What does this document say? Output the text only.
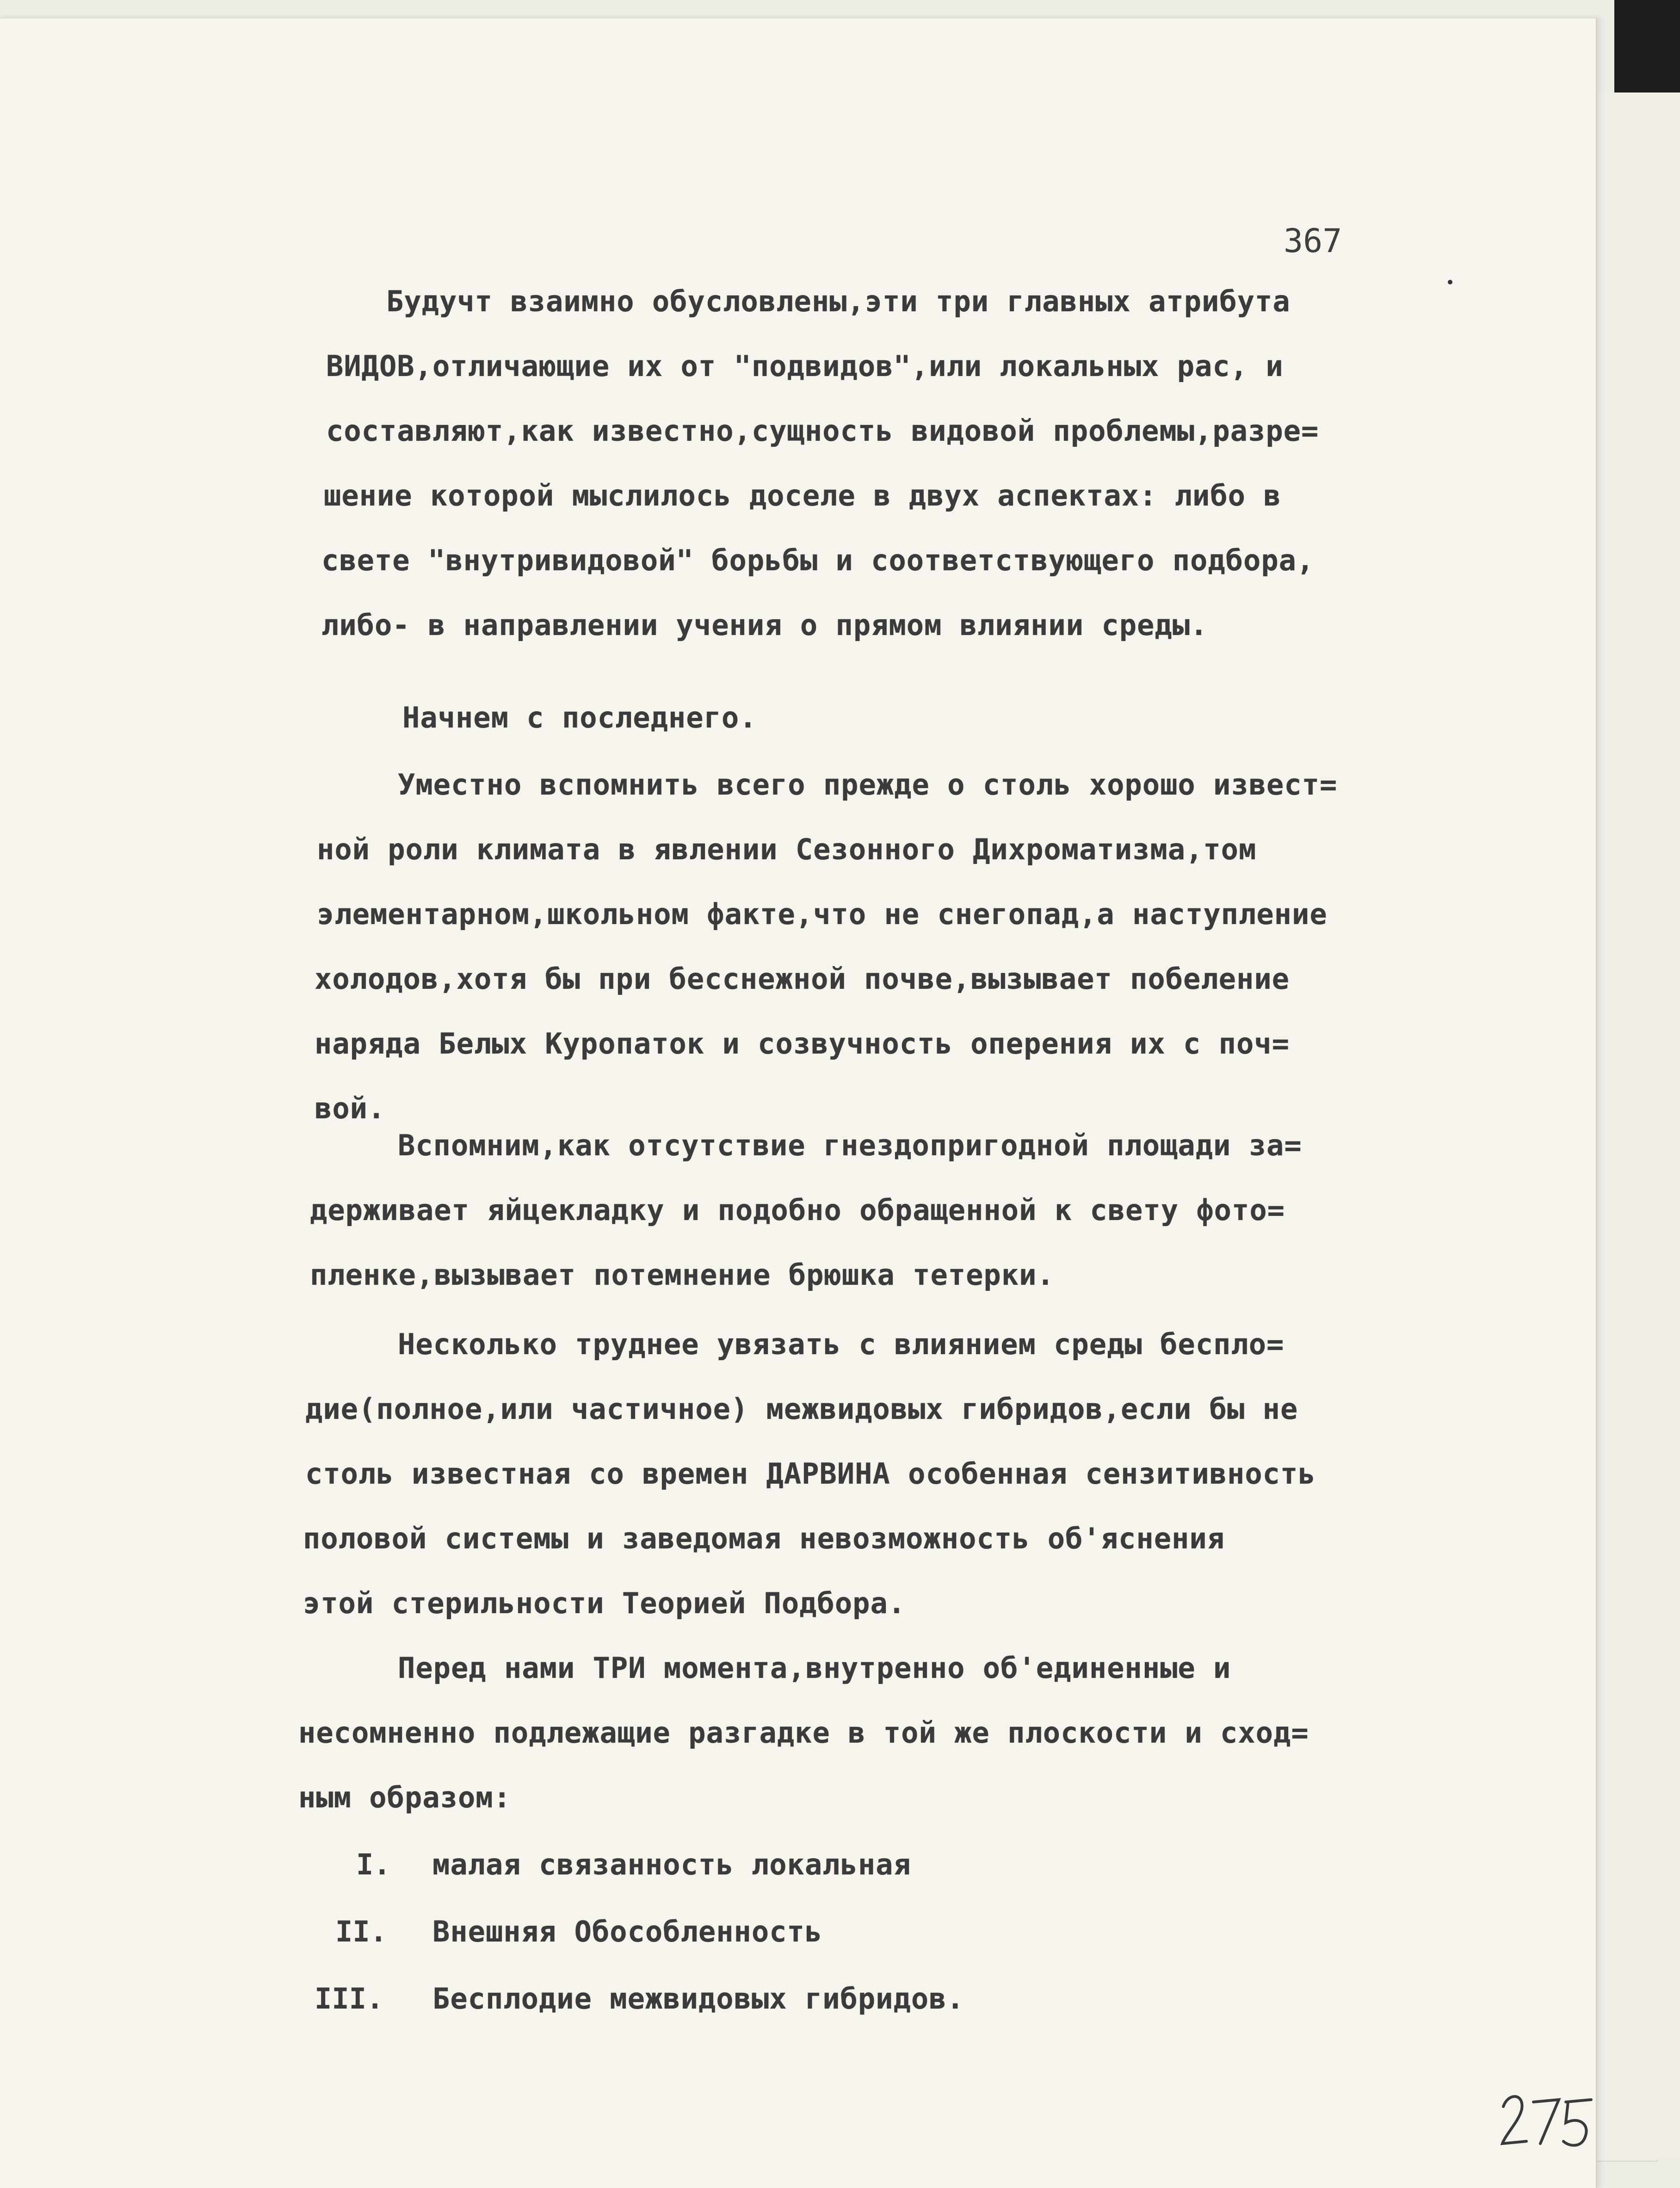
367
Будучт взаимно обусловлены,эти три главных атрибута
ВИДОВ,отличающие их от "подвидов",или локальных рас, и
составляют,как известно,сущность видовой проблемы,разре=
шение которой мыслилось доселе в двух аспектах: либо в
свете "внутривидовой" борьбы и соответствующего подбора,
либо- в направлении учения о прямом влиянии среды.
Начнем с последнего.
Уместно вспомнить всего прежде о столь хорошо извест=
ной роли климата в явлении Сезонного Дихроматизма,том
элементарном,школьном факте,что не снегопад,а наступление
холодов,хотя бы при бесснежной почве,вызывает побеление
наряда Белых Куропаток и созвучность оперения их с поч=
вой.
Вспомним,как отсутствие гнездопригодной площади за=
держивает яйцекладку и подобно обращенной к свету фото=
пленке,вызывает потемнение брюшка тетерки.
Несколько труднее увязать с влиянием среды беспло=
дие(полное,или частичное) межвидовых гибридов,если бы не
столь известная со времен ДАРВИНА особенная сензитивность
половой системы и заведомая невозможность об'яснения
этой стерильности Теорией Подбора.
Перед нами ТРИ момента,внутренно об'единенные и
несомненно подлежащие разгадке в той же плоскости и сход=
ным образом:
I. малая связанность локальная
II. Внешняя Обособленность
III. Бесплодие межвидовых гибридов.
